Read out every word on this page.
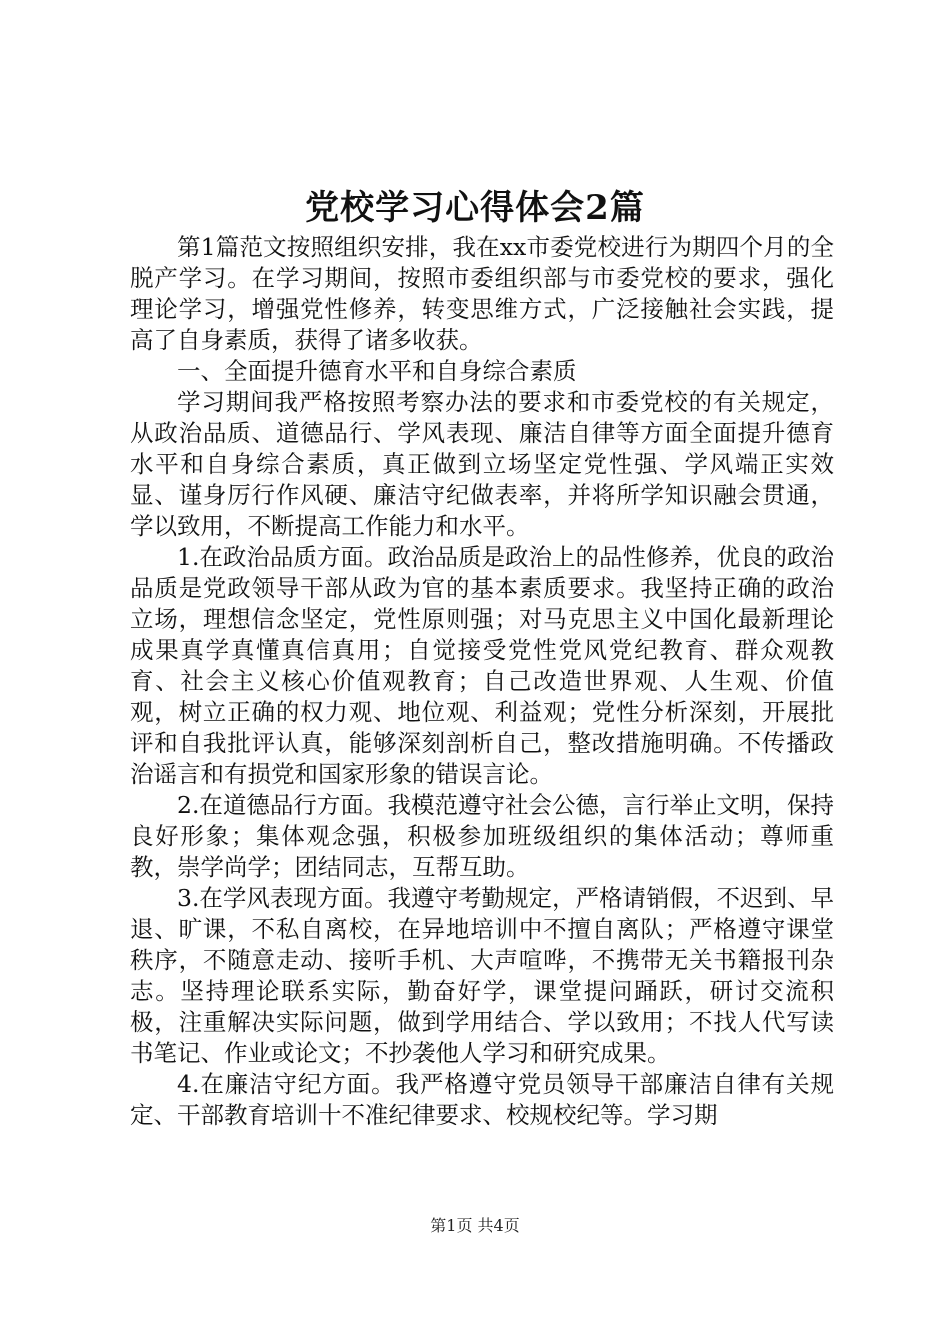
党校学习心得体会2篇

第1篇范文按照组织安排，我在xx市委党校进行为期四个月的全脱产学习。在学习期间，按照市委组织部与市委党校的要求，强化理论学习，增强党性修养，转变思维方式，广泛接触社会实践，提高了自身素质，获得了诸多收获。

一、全面提升德育水平和自身综合素质

学习期间我严格按照考察办法的要求和市委党校的有关规定，从政治品质、道德品行、学风表现、廉洁自律等方面全面提升德育水平和自身综合素质，真正做到立场坚定党性强、学风端正实效显、谨身厉行作风硬、廉洁守纪做表率，并将所学知识融会贯通，学以致用，不断提高工作能力和水平。

1.在政治品质方面。政治品质是政治上的品性修养，优良的政治品质是党政领导干部从政为官的基本素质要求。我坚持正确的政治立场，理想信念坚定，党性原则强；对马克思主义中国化最新理论成果真学真懂真信真用；自觉接受党性党风党纪教育、群众观教育、社会主义核心价值观教育；自己改造世界观、人生观、价值观，树立正确的权力观、地位观、利益观；党性分析深刻，开展批评和自我批评认真，能够深刻剖析自己，整改措施明确。不传播政治谣言和有损党和国家形象的错误言论。

2.在道德品行方面。我模范遵守社会公德，言行举止文明，保持良好形象；集体观念强，积极参加班级组织的集体活动；尊师重教，崇学尚学；团结同志，互帮互助。

3.在学风表现方面。我遵守考勤规定，严格请销假，不迟到、早退、旷课，不私自离校，在异地培训中不擅自离队；严格遵守课堂秩序，不随意走动、接听手机、大声喧哗，不携带无关书籍报刊杂志。坚持理论联系实际，勤奋好学，课堂提问踊跃，研讨交流积极，注重解决实际问题，做到学用结合、学以致用；不找人代写读书笔记、作业或论文；不抄袭他人学习和研究成果。

4.在廉洁守纪方面。我严格遵守党员领导干部廉洁自律有关规定、干部教育培训十不准纪律要求、校规校纪等。学习期

第1页 共4页
